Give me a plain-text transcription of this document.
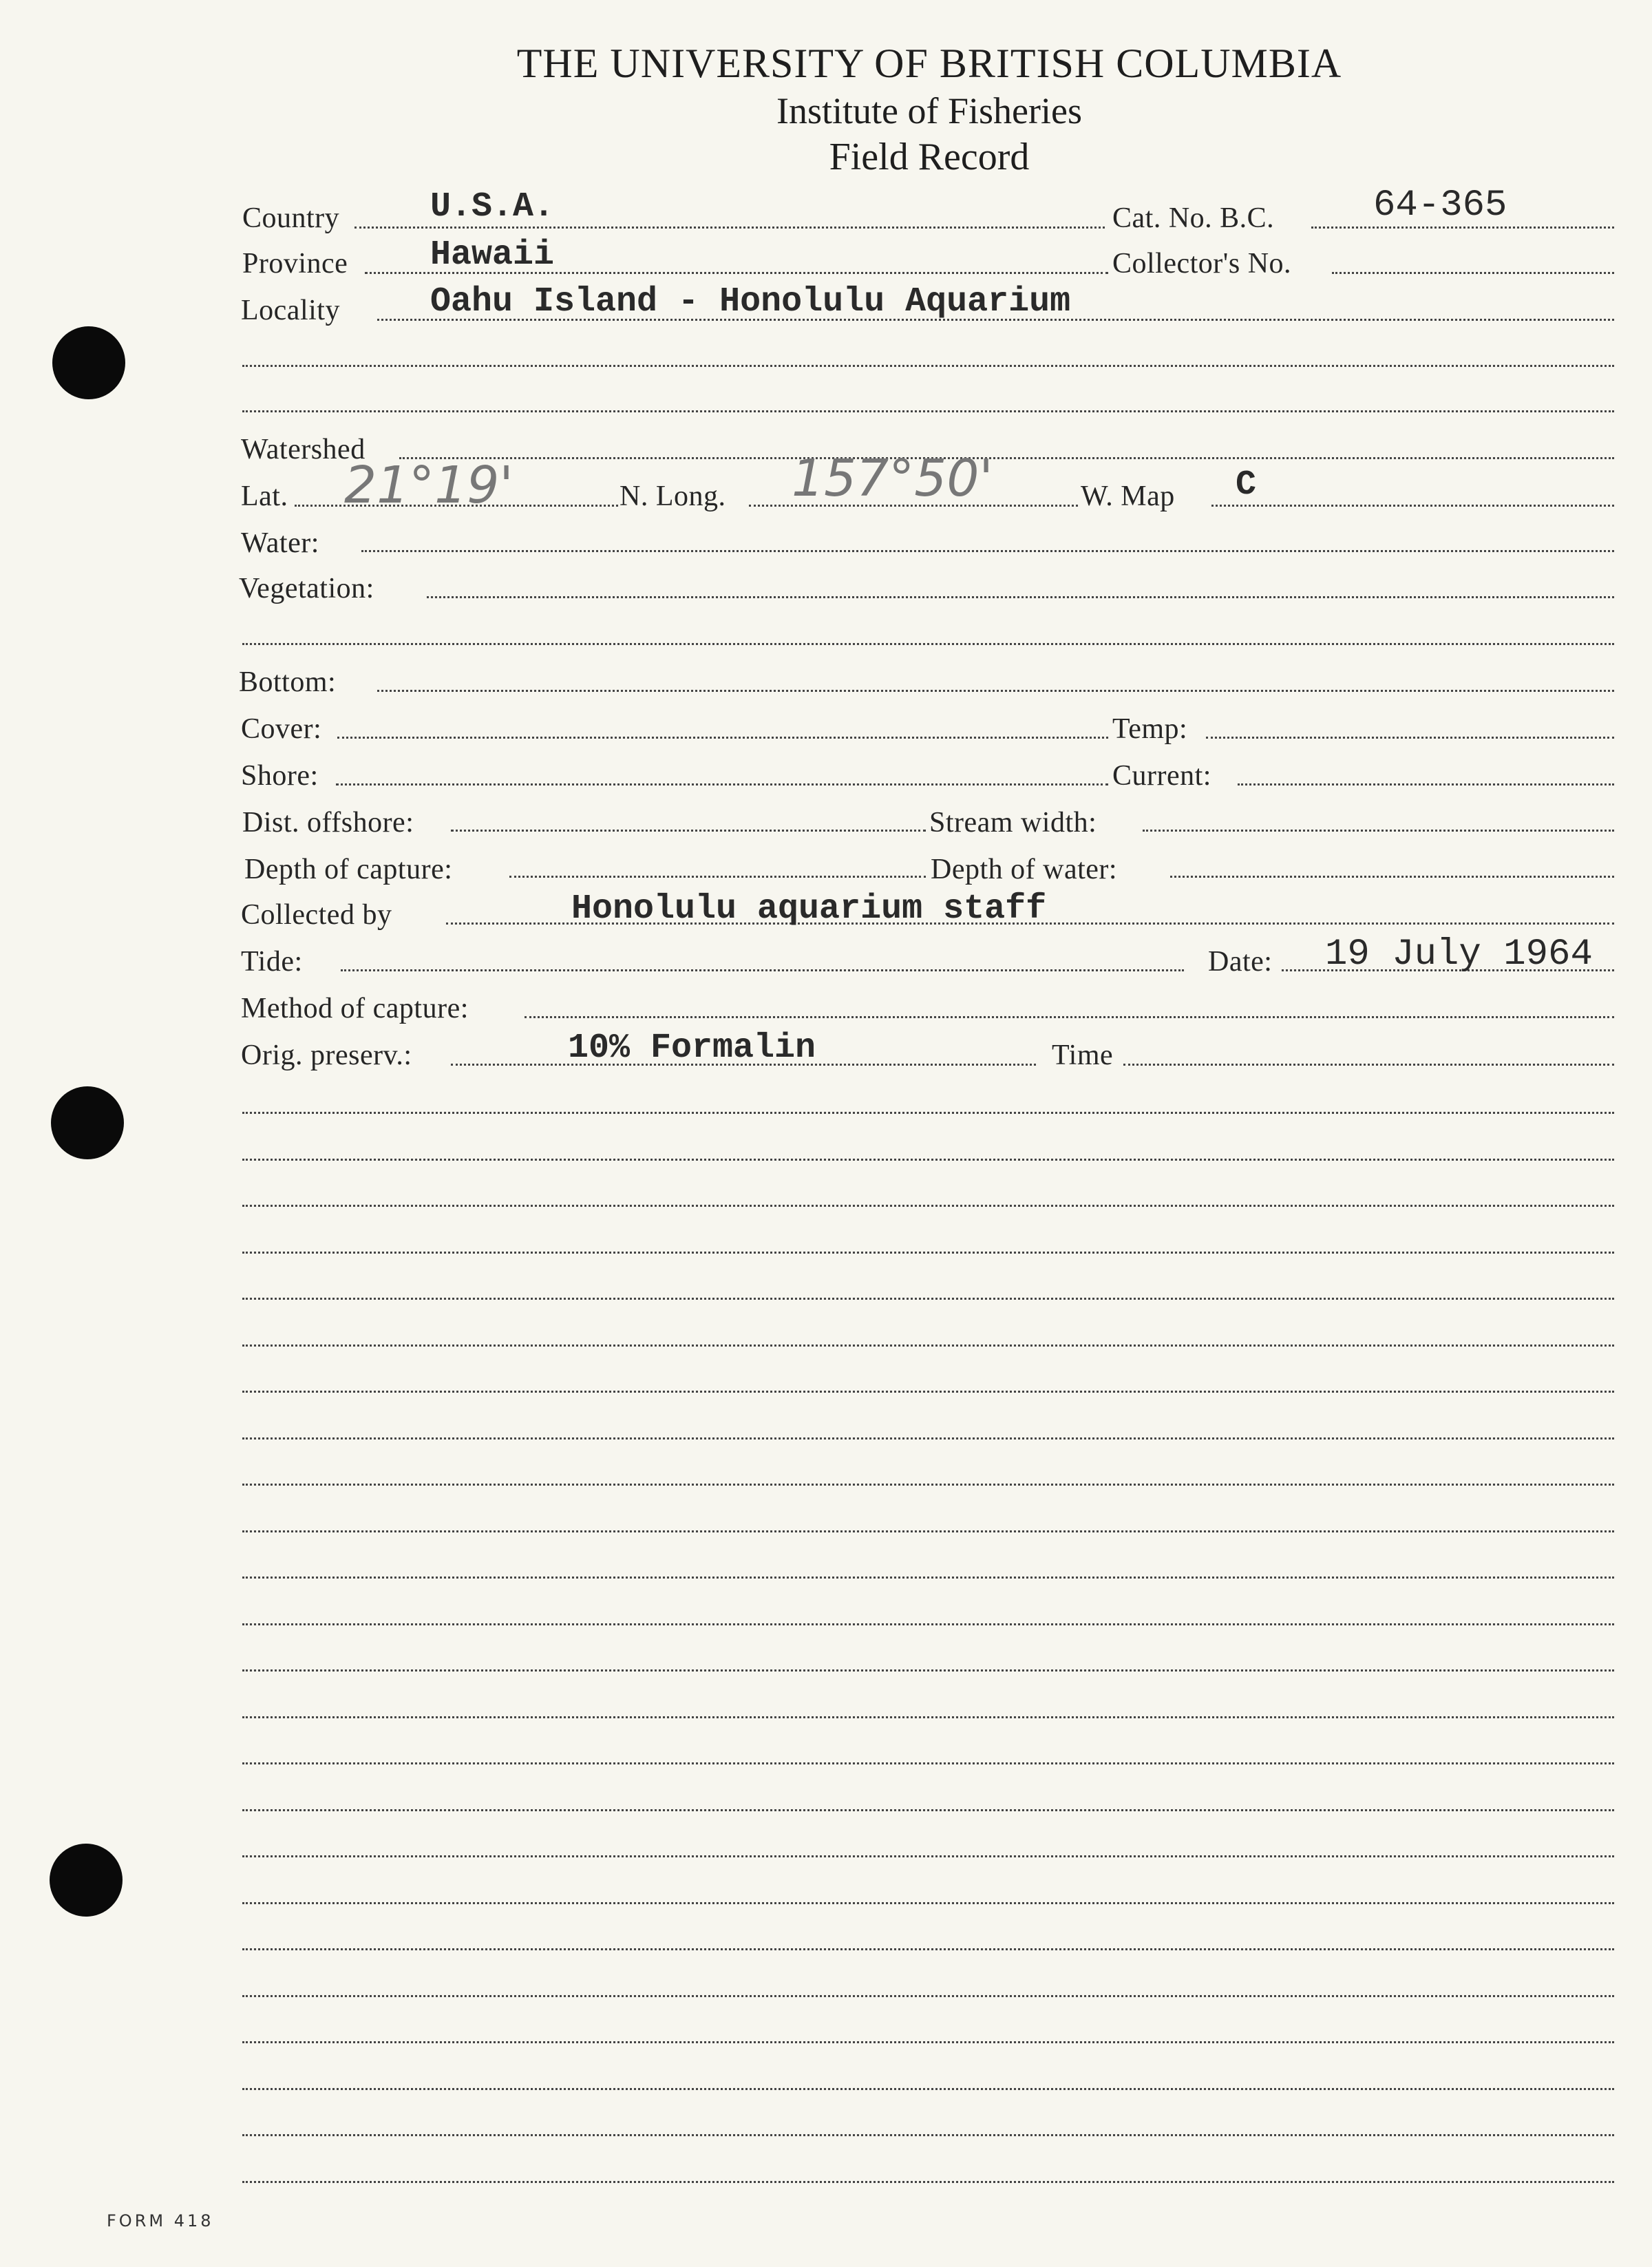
THE UNIVERSITY OF BRITISH COLUMBIA
Institute of Fisheries
Field Record
Country	U.S.A.	Cat. No. B.C.	64-365
Province Hawaii	Collector's No.
Locality	Oahu Island - Honolulu Aquarium
Watershed
Lat. 21°19'	N. Long. 157°50'	W. Map C
Water:
Vegetation:
Bottom:
Cover:	Temp:
Shore:	Current:
Dist. offshore:	Stream width:
Depth of capture:	Depth of water:
Collected by	Honolulu aquarium staff
Tide:	Date: 19 July 1964
Method of capture:
Orig. preserv.:	10% Formalin	Time
FORM 418
